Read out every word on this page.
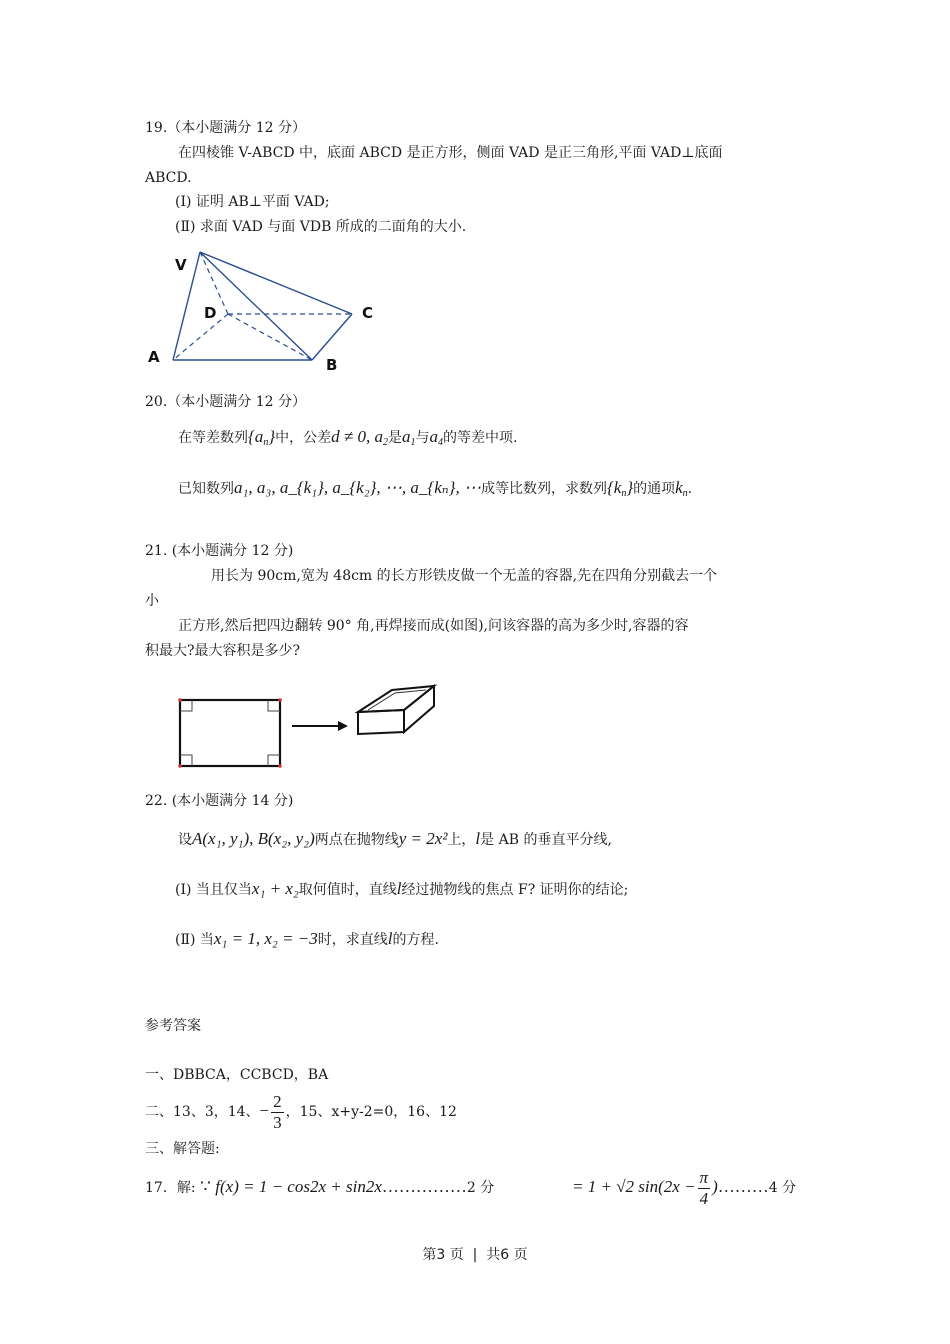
19.（本小题满分 12 分）
在四棱锥 V-ABCD 中，底面 ABCD 是正方形，侧面 VAD 是正三角形,平面 VAD⊥底面
ABCD.
(Ⅰ) 证明 AB⊥平面 VAD;
(Ⅱ) 求面 VAD 与面 VDB 所成的二面角的大小.
V
D	C
A	B
20.（本小题满分 12 分）
在等差数列$\{a_n\}$中，公差d ≠ 0, $a_2$是$a_1$与$a_4$的等差中项.
已知数列a₁, a₃, a_{k₁}, a_{k₂}, ⋯, a_{kₙ}, ⋯成等比数列，求数列$\{k_n\}$的通项$k_n$.
21. (本小题满分 12 分)
用长为 90cm,宽为 48cm 的长方形铁皮做一个无盖的容器,先在四角分别截去一个
小
正方形,然后把四边翻转 90° 角,再焊接而成(如图),问该容器的高为多少时,容器的容
积最大?最大容积是多少?
22. (本小题满分 14 分)
设A(x₁, y₁), B(x₂, y₂)两点在抛物线y = 2x²上，l是 AB 的垂直平分线,
(Ⅰ) 当且仅当x₁ + x₂取何值时，直线l经过抛物线的焦点 F? 证明你的结论;
(Ⅱ) 当x₁ = 1, x₂ = −3时，求直线l的方程.
参考答案
一、DBBCA，CCBCD，BA
二、13、3，14、− $\frac{2}{3}$ ，15、x+y-2=0，16、12
三、解答题:
17．解: ∵ f(x) = 1 − cos2x + sin2x……………2 分	= 1 + √2 $\sin(2x - \frac{\pi}{4}$ )………4 分
第3 页  |  共6 页
